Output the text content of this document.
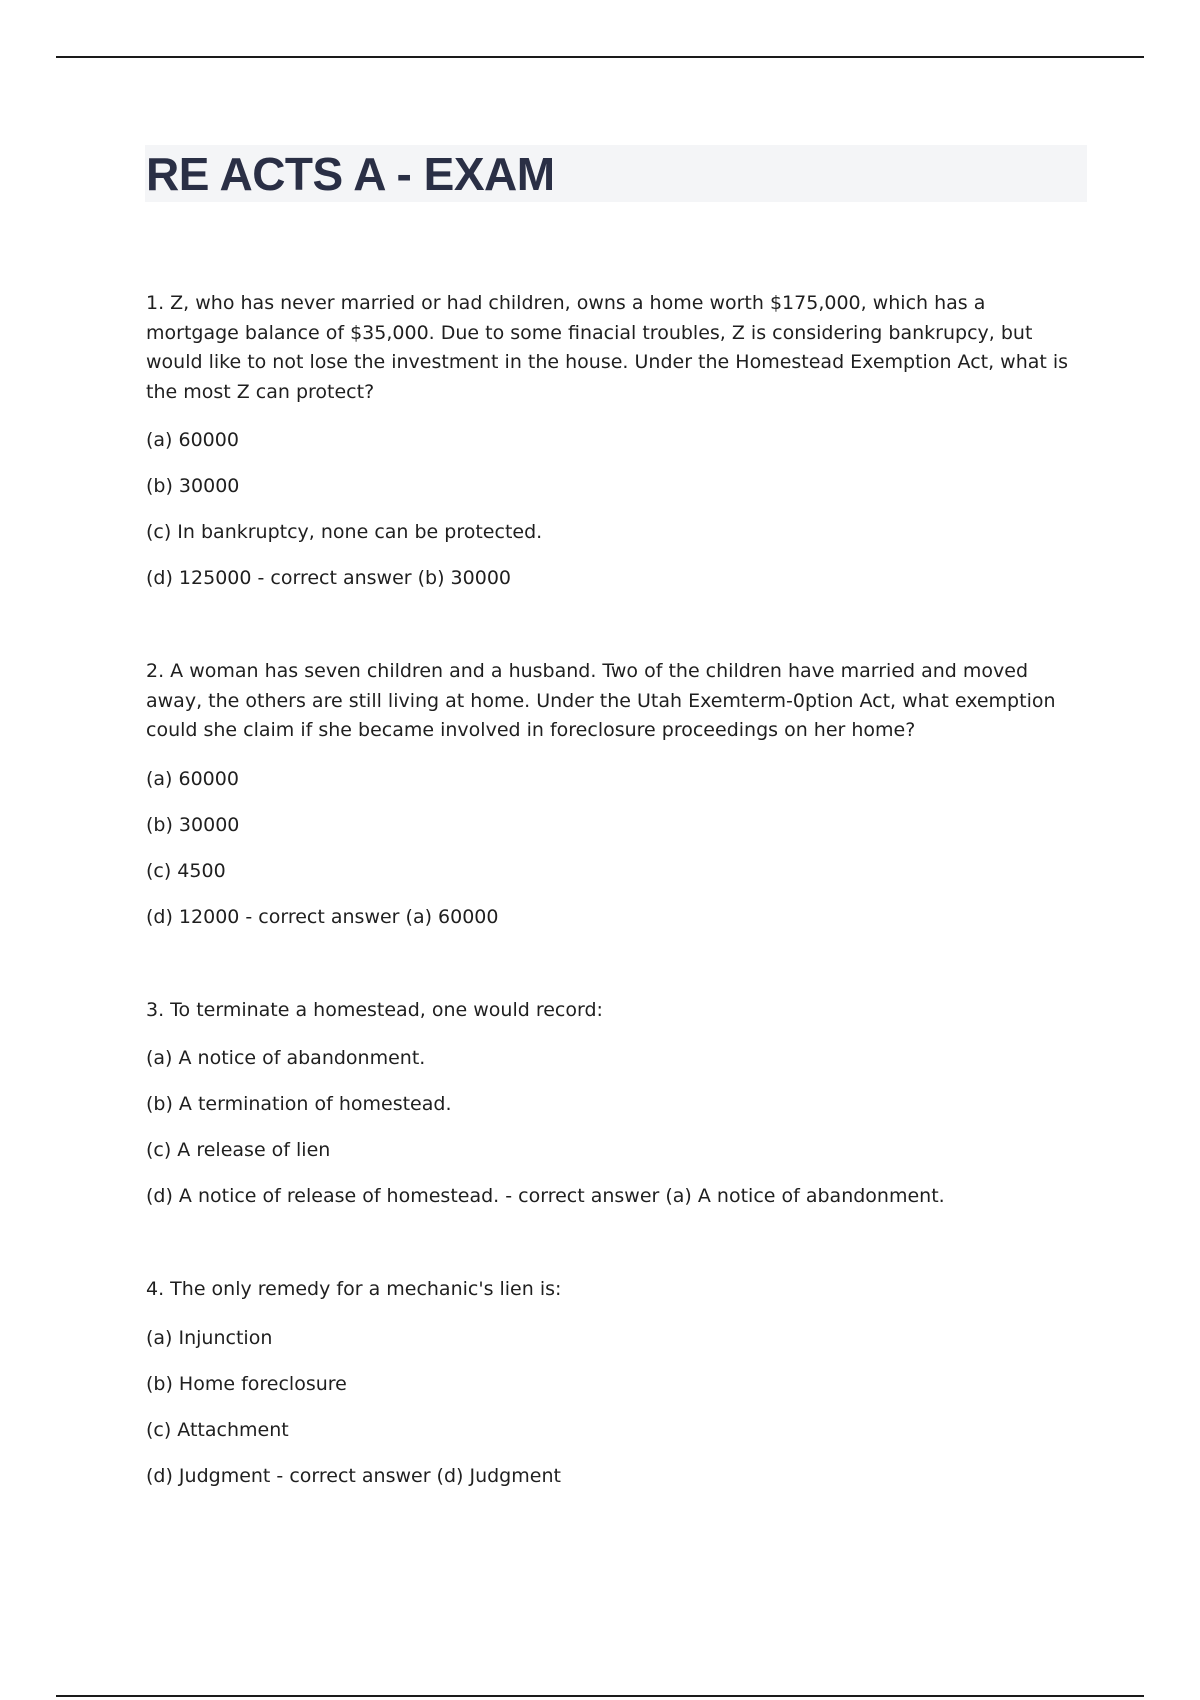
RE ACTS A - EXAM

1. Z, who has never married or had children, owns a home worth $175,000, which has a mortgage balance of $35,000. Due to some finacial troubles, Z is considering bankrupcy, but would like to not lose the investment in the house. Under the Homestead Exemption Act, what is the most Z can protect?

(a) 60000

(b) 30000

(c) In bankruptcy, none can be protected.

(d) 125000 - correct answer (b) 30000

2. A woman has seven children and a husband. Two of the children have married and moved away, the others are still living at home. Under the Utah Exemterm-0ption Act, what exemption could she claim if she became involved in foreclosure proceedings on her home?

(a) 60000

(b) 30000

(c) 4500

(d) 12000 - correct answer (a) 60000

3. To terminate a homestead, one would record:

(a) A notice of abandonment.

(b) A termination of homestead.

(c) A release of lien

(d) A notice of release of homestead. - correct answer (a) A notice of abandonment.

4. The only remedy for a mechanic's lien is:

(a) Injunction

(b) Home foreclosure

(c) Attachment

(d) Judgment - correct answer (d) Judgment
